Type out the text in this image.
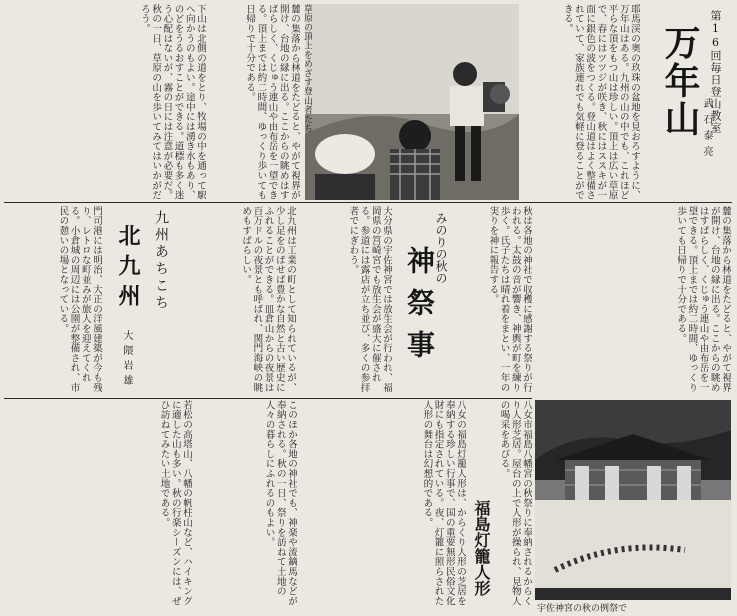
第16回毎日登山教室
万年山 武石泰亮
耶馬渓の奥の玖珠の盆地を見おろすように、万年山はある。九州の山の中でも、これほど平らな頂をもつ山は珍しい。頂上は広い草原で、春にはツツジが咲き、秋にはススキが一面に銀色の波をつくる。登山道はよく整備されていて、家族連れでも気軽に登ることができる。
草原の頂上をめざす登山者たち
麓の集落から林道をたどると、やがて視界が開け、台地の縁に出る。ここからの眺めはすばらしく、くじゅう連山や由布岳を一望できる。頂上までは約二時間、ゆっくり歩いても日帰りで十分である。
下山は北側の道をとり、牧場の中を通って駅へ向かうのもよい。途中には湧き水もあり、のどをうるおすことができる。道標も多く迷う心配はないが、霧の日には注意が必要だ。秋の一日、草原の山を歩いてみてはいかがだろう。
麓の集落から林道をたどると、やがて視界が開け、台地の縁に出る。ここからの眺めはすばらしく、くじゅう連山や由布岳を一望できる。頂上までは約二時間、ゆっくり歩いても日帰りで十分である。
みのりの秋の
神祭事	秋は各地の神社で収穫に感謝する祭りが行われる。太鼓の音が響き、神輿が町を練り歩く。氏子たちは晴れ着をまとい、一年の実りを神に報告する。
大分県の宇佐神宮では放生会が行われ、福岡県の筥崎宮でも放生会が盛大に催される。参道には露店が立ち並び、多くの参拝者でにぎわう。
九州あちこち
北九州
大隈岩雄	北九州は工業の町として知られているが、少し足をのばせば豊かな自然と古い歴史にふれることができる。皿倉山からの夜景は百万ドルの夜景とも呼ばれ、関門海峡の眺めもすばらしい。
門司港には明治、大正の洋風建築が今も残り、レトロな町並みが旅人を迎えてくれる。小倉城の周辺には公園が整備され、市民の憩いの場となっている。
宇佐神宮の秋の例祭で
福島灯籠人形	八女市福島八幡宮の秋祭りに奉納されるからくり人形芝居。屋台の上で人形が操られ、見物人の喝采をあびる。
八女の福島灯籠人形は、からくり人形の芝居を奉納する珍しい行事で、国の重要無形民俗文化財にも指定されている。夜、灯籠に照らされた人形の舞台は幻想的である。
このほか各地の神社でも、神楽や流鏑馬などが奉納される。秋の一日、祭りを訪ねて土地の人々の暮らしにふれるのもよい。
若松の高塔山、八幡の帆柱山など、ハイキングに適した山も多い。秋の行楽シーズンには、ぜひ訪ねてみたい土地である。
